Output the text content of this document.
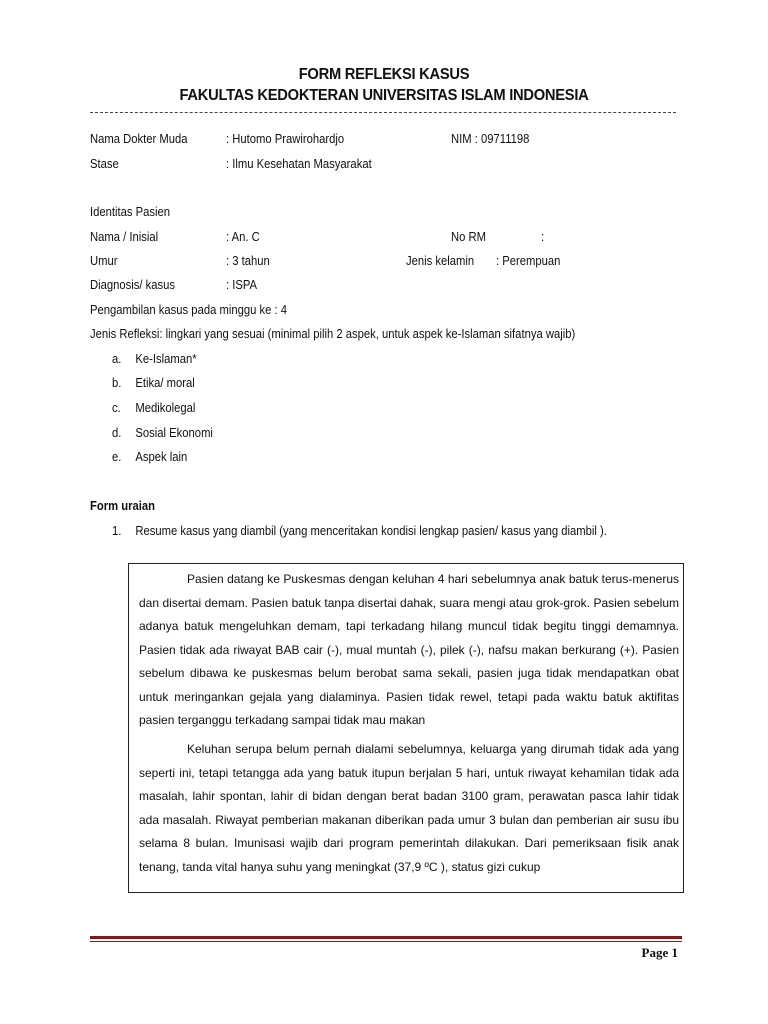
FORM REFLEKSI KASUS
FAKULTAS KEDOKTERAN UNIVERSITAS ISLAM INDONESIA
Nama Dokter Muda	: Hutomo Prawirohardjo	NIM : 09711198
Stase	: Ilmu Kesehatan Masyarakat
Identitas Pasien
Nama / Inisial	: An. C	No RM	:
Umur	: 3 tahun	Jenis kelamin : Perempuan
Diagnosis/ kasus	: ISPA
Pengambilan kasus pada minggu ke : 4
Jenis Refleksi: lingkari yang sesuai (minimal pilih 2 aspek, untuk aspek ke-Islaman sifatnya wajib)
a. Ke-Islaman*
b. Etika/ moral
c. Medikolegal
d. Sosial Ekonomi
e. Aspek lain
Form uraian
1. Resume kasus yang diambil (yang menceritakan kondisi lengkap pasien/ kasus yang diambil ).
Pasien datang ke Puskesmas dengan keluhan 4 hari sebelumnya anak batuk terus-menerus dan disertai demam. Pasien batuk tanpa disertai dahak, suara mengi atau grok-grok. Pasien sebelum adanya batuk mengeluhkan demam, tapi terkadang hilang muncul tidak begitu tinggi demamnya. Pasien tidak ada riwayat BAB cair (-), mual muntah (-), pilek (-), nafsu makan berkurang (+). Pasien sebelum dibawa ke puskesmas belum berobat sama sekali, pasien juga tidak mendapatkan obat untuk meringankan gejala yang dialaminya. Pasien tidak rewel, tetapi pada waktu batuk aktifitas pasien terganggu terkadang sampai tidak mau makan
Keluhan serupa belum pernah dialami sebelumnya, keluarga yang dirumah tidak ada yang seperti ini, tetapi tetangga ada yang batuk itupun berjalan 5 hari, untuk riwayat kehamilan tidak ada masalah, lahir spontan, lahir di bidan dengan berat badan 3100 gram, perawatan pasca lahir tidak ada masalah. Riwayat pemberian makanan diberikan pada umur 3 bulan dan pemberian air susu ibu selama 8 bulan. Imunisasi wajib dari program pemerintah dilakukan. Dari pemeriksaan fisik anak tenang, tanda vital hanya suhu yang meningkat (37,9 ºC ), status gizi cukup
Page 1
